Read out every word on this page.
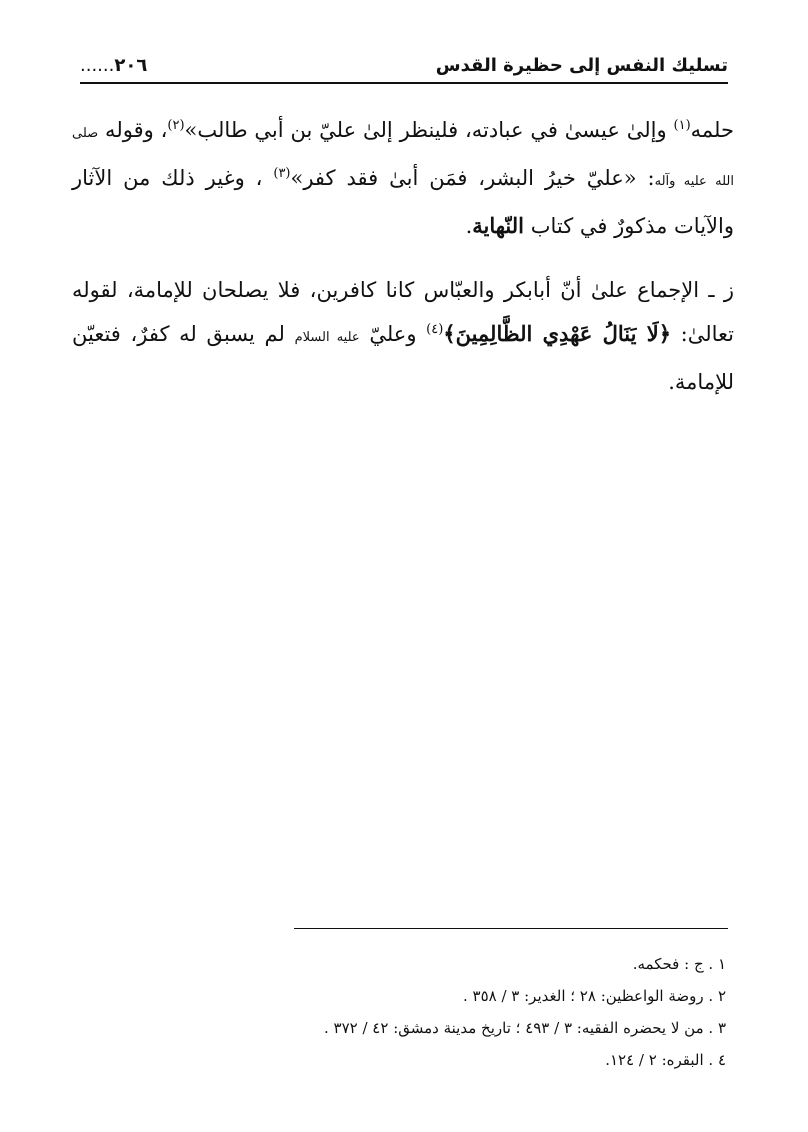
تسليك النفس إلى حظيرة القدس
٢٠٦......

حلمه$^{(١)}$ وإلىٰ عيسىٰ في عبادته، فلينظر إلىٰ عليّ بن أبي طالب»$^{(٢)}$، وقوله صلى الله عليه وآله: «عليّ خيرُ البشر، فمَن أبىٰ فقد كفر»$^{(٣)}$ ، وغير ذلك من الآثار والآيات مذكورٌ في كتاب النّهاية.

ز ـ الإجماع علىٰ أنّ أبابكر والعبّاس كانا كافرين، فلا يصلحان للإمامة، لقوله تعالىٰ: ﴿لَا يَنَالُ عَهْدِي الظَّالِمِينَ﴾$^{(٤)}$ وعليّ عليه السلام لم يسبق له كفرٌ، فتعيّن للإمامة.

١ . ج : فحكمه.
٢ . روضة الواعظين: ٢٨ ؛ الغدير: ٣ / ٣٥٨ .
٣ . من لا يحضره الفقيه: ٣ / ٤٩٣ ؛ تاريخ مدينة دمشق: ٤٢ / ٣٧٢ .
٤ . البقره: ٢ / ١٢٤.
